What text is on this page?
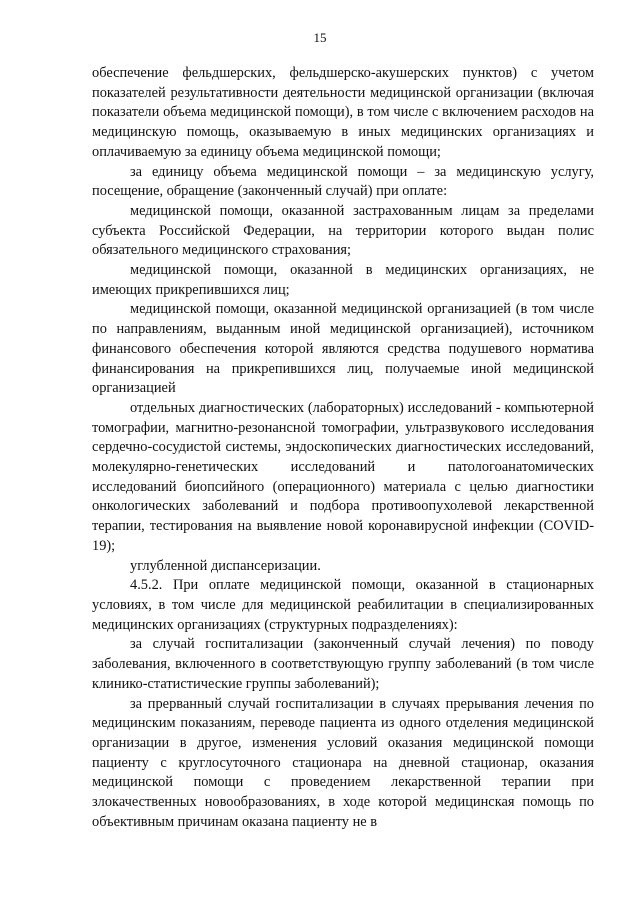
15

обеспечение фельдшерских, фельдшерско-акушерских пунктов) с учетом показателей результативности деятельности медицинской организации (включая показатели объема медицинской помощи), в том числе с включением расходов на медицинскую помощь, оказываемую в иных медицинских организациях и оплачиваемую за единицу объема медицинской помощи;

за единицу объема медицинской помощи – за медицинскую услугу, посещение, обращение (законченный случай) при оплате:

медицинской помощи, оказанной застрахованным лицам за пределами субъекта Российской Федерации, на территории которого выдан полис обязательного медицинского страхования;

медицинской помощи, оказанной в медицинских организациях, не имеющих прикрепившихся лиц;

медицинской помощи, оказанной медицинской организацией (в том числе по направлениям, выданным иной медицинской организацией), источником финансового обеспечения которой являются средства подушевого норматива финансирования на прикрепившихся лиц, получаемые иной медицинской организацией

отдельных диагностических (лабораторных) исследований - компьютерной томографии, магнитно-резонансной томографии, ультразвукового исследования сердечно-сосудистой системы, эндоскопических диагностических исследований, молекулярно-генетических исследований и патологоанатомических исследований биопсийного (операционного) материала с целью диагностики онкологических заболеваний и подбора противоопухолевой лекарственной терапии, тестирования на выявление новой коронавирусной инфекции (COVID-19);

углубленной диспансеризации.

4.5.2. При оплате медицинской помощи, оказанной в стационарных условиях, в том числе для медицинской реабилитации в специализированных медицинских организациях (структурных подразделениях):

за случай госпитализации (законченный случай лечения) по поводу заболевания, включенного в соответствующую группу заболеваний (в том числе клинико-статистические группы заболеваний);

за прерванный случай госпитализации в случаях прерывания лечения по медицинским показаниям, переводе пациента из одного отделения медицинской организации в другое, изменения условий оказания медицинской помощи пациенту с круглосуточного стационара на дневной стационар, оказания медицинской помощи с проведением лекарственной терапии при злокачественных новообразованиях, в ходе которой медицинская помощь по объективным причинам оказана пациенту не в
